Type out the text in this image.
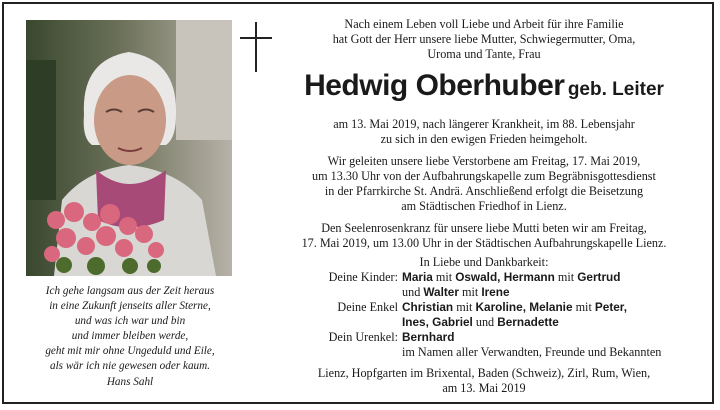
Ich gehe langsam aus der Zeit heraus
in eine Zukunft jenseits aller Sterne,
und was ich war und bin
und immer bleiben werde,
geht mit mir ohne Ungeduld und Eile,
als wär ich nie gewesen oder kaum.
Hans Sahl
Nach einem Leben voll Liebe und Arbeit für ihre Familie
hat Gott der Herr unsere liebe Mutter, Schwiegermutter, Oma,
Uroma und Tante, Frau
Hedwig Oberhuber geb. Leiter
am 13. Mai 2019, nach längerer Krankheit, im 88. Lebensjahr
zu sich in den ewigen Frieden heimgeholt.
Wir geleiten unsere liebe Verstorbene am Freitag, 17. Mai 2019,
um 13.30 Uhr von der Aufbahrungskapelle zum Begräbnisgottesdienst
in der Pfarrkirche St. Andrä. Anschließend erfolgt die Beisetzung
am Städtischen Friedhof in Lienz.
Den Seelenrosenkranz für unsere liebe Mutti beten wir am Freitag,
17. Mai 2019, um 13.00 Uhr in der Städtischen Aufbahrungskapelle Lienz.
In Liebe und Dankbarkeit:
Deine Kinder: Maria mit Oswald, Hermann mit Gertrud
und Walter mit Irene
Deine Enkel Christian mit Karoline, Melanie mit Peter,
Ines, Gabriel und Bernadette
Dein Urenkel: Bernhard
im Namen aller Verwandten, Freunde und Bekannten
Lienz, Hopfgarten im Brixental, Baden (Schweiz), Zirl, Rum, Wien,
am 13. Mai 2019
